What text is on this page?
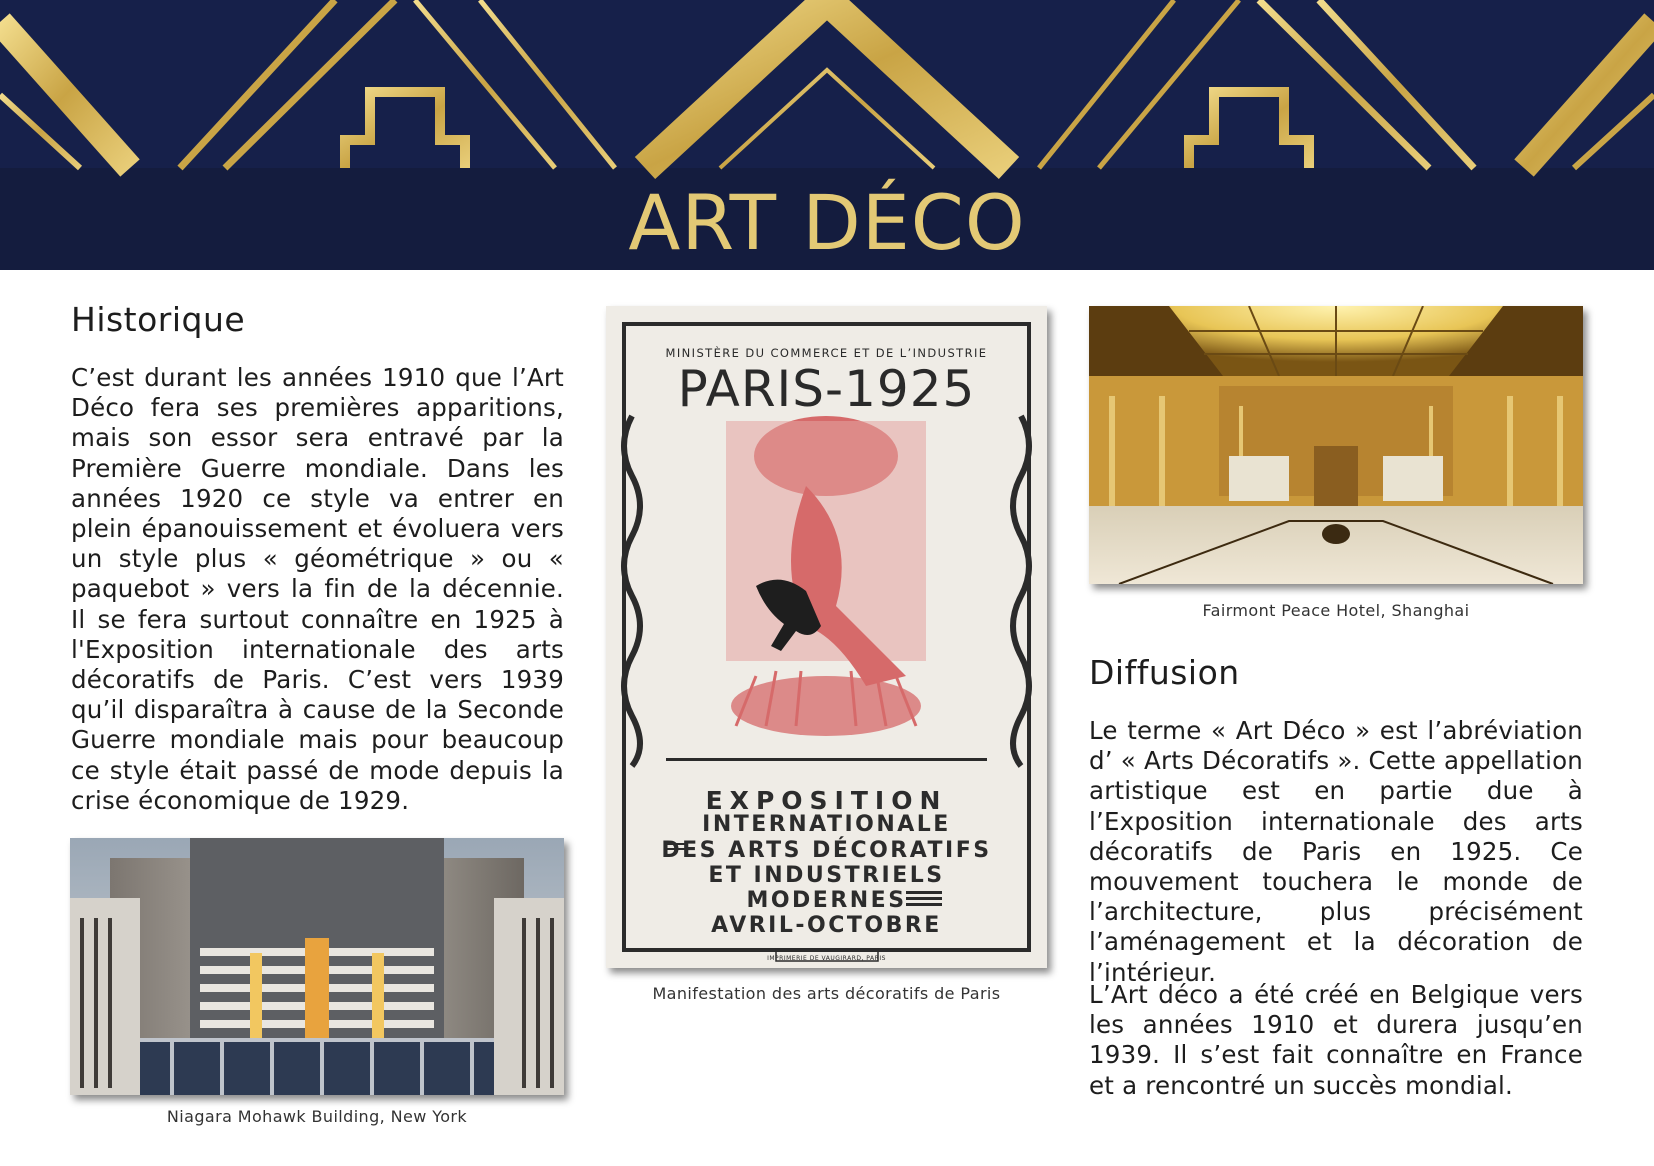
ART DÉCO
Historique
C’est durant les années 1910 que l’Art Déco fera ses premières apparitions, mais son essor sera entravé par la Première Guerre mondiale. Dans les années 1920 ce style va entrer en plein épanouissement et évoluera vers un style plus « géométrique » ou « paquebot » vers la fin de la décennie. Il se fera surtout connaître en 1925 à l'Exposition internationale des arts décoratifs de Paris. C’est vers 1939 qu’il disparaîtra à cause de la Seconde Guerre mondiale mais pour beaucoup ce style était passé de mode depuis la crise économique de 1929.
Niagara Mohawk Building, New York
MINISTÈRE DU COMMERCE ET DE L’INDUSTRIE
PARIS-1925
EXPOSITION
INTERNATIONALE
DES ARTS DÉCORATIFS
ET INDUSTRIELS
MODERNES
AVRIL-OCTOBRE
IMPRIMERIE DE VAUGIRARD, PARIS
Manifestation des arts décoratifs de Paris
Fairmont Peace Hotel, Shanghai
Diffusion
Le terme « Art Déco » est l’abréviation d’ « Arts Décoratifs ». Cette appellation artistique est en partie due à l’Exposition internationale des arts décoratifs de Paris en 1925. Ce mouvement touchera le monde de l’architecture, plus précisément l’aménagement et la décoration de l’intérieur.
L’Art déco a été créé en Belgique vers les années 1910 et durera jusqu’en 1939. Il s’est fait connaître en France et a rencontré un succès mondial.
